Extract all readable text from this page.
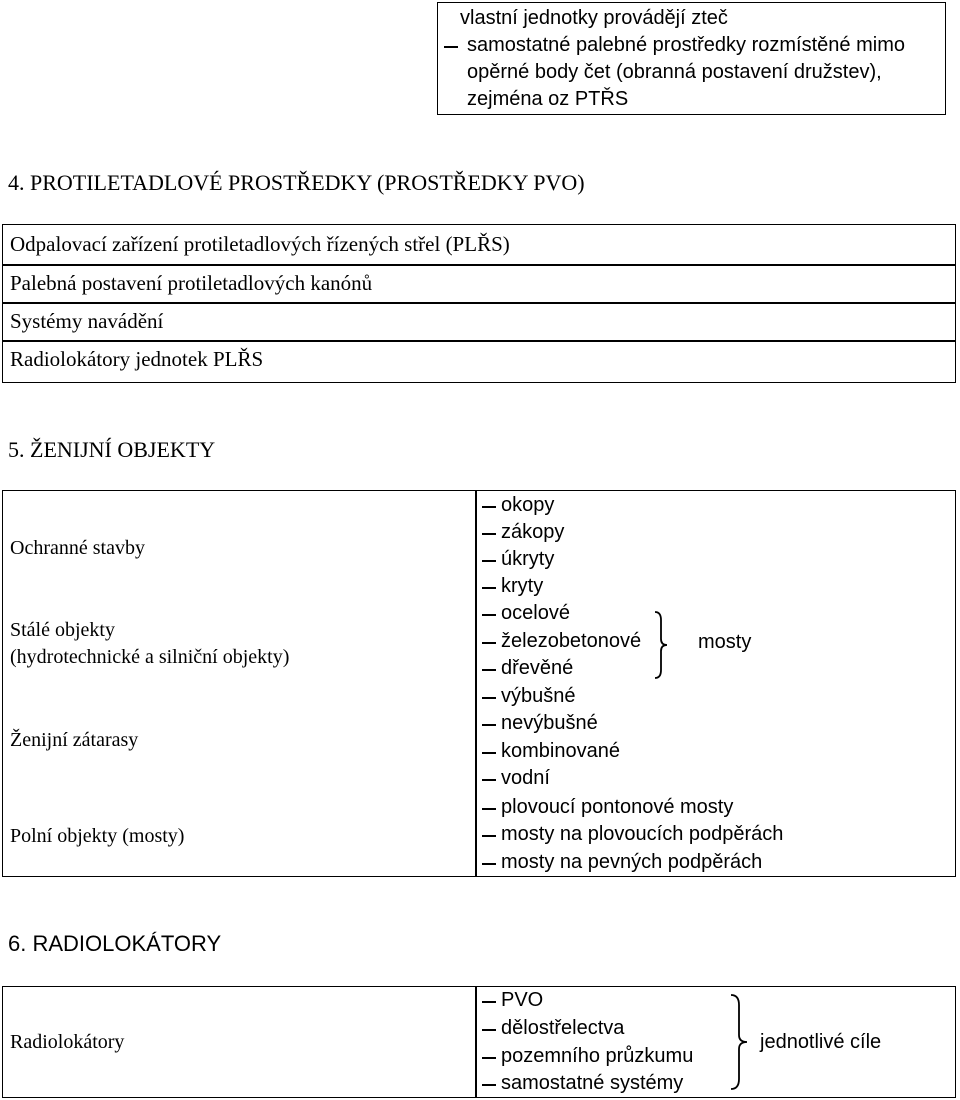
vlastní jednotky provádějí zteč
samostatné palebné prostředky rozmístěné mimo
opěrné body čet (obranná postavení družstev),
zejména oz PTŘS
4. PROTILETADLOVÉ PROSTŘEDKY (PROSTŘEDKY PVO)
Odpalovací zařízení protiletadlových řízených střel (PLŘS)
Palebná postavení protiletadlových kanónů
Systémy navádění
Radiolokátory jednotek PLŘS
5. ŽENIJNÍ OBJEKTY
Ochranné stavby
Stálé objekty
(hydrotechnické a silniční objekty)
Ženijní zátarasy
Polní objekty (mosty)
okopy
zákopy
úkryty
kryty
ocelové
železobetonové
dřevěné
mosty
výbušné
nevýbušné
kombinované
vodní
plovoucí pontonové mosty
mosty na plovoucích podpěrách
mosty na pevných podpěrách
6. RADIOLOKÁTORY
Radiolokátory
PVO
dělostřelectva
pozemního průzkumu
samostatné systémy
jednotlivé cíle
